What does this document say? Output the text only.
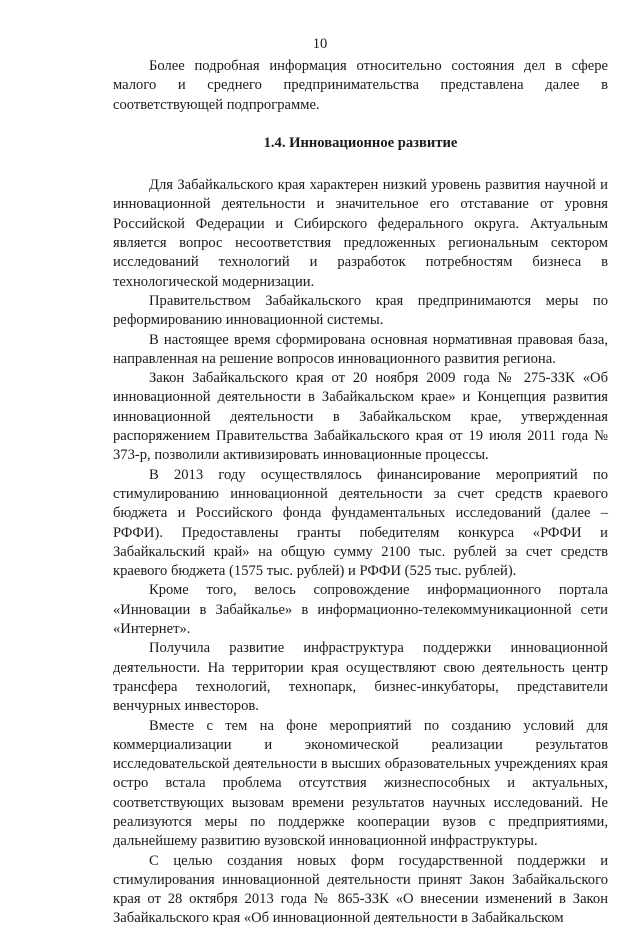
10

Более подробная информация относительно состояния дел в сфере малого и среднего предпринимательства представлена далее в соответствующей подпрограмме.

1.4. Инновационное развитие

Для Забайкальского края характерен низкий уровень развития научной и инновационной деятельности и значительное его отставание от уровня Российской Федерации и Сибирского федерального округа. Актуальным является вопрос несоответствия предложенных региональным сектором исследований технологий и разработок потребностям бизнеса в технологической модернизации.

Правительством Забайкальского края предпринимаются меры по реформированию инновационной системы.

В настоящее время сформирована основная нормативная правовая база, направленная на решение вопросов инновационного развития региона.

Закон Забайкальского края от 20 ноября 2009 года № 275-ЗЗК «Об инновационной деятельности в Забайкальском крае» и Концепция развития инновационной деятельности в Забайкальском крае, утвержденная распоряжением Правительства Забайкальского края от 19 июля 2011 года № 373-р, позволили активизировать инновационные процессы.

В 2013 году осуществлялось финансирование мероприятий по стимулированию инновационной деятельности за счет средств краевого бюджета и Российского фонда фундаментальных исследований (далее – РФФИ). Предоставлены гранты победителям конкурса «РФФИ и Забайкальский край» на общую сумму 2100 тыс. рублей за счет средств краевого бюджета (1575 тыс. рублей) и РФФИ (525 тыс. рублей).

Кроме того, велось сопровождение информационного портала «Инновации в Забайкалье» в информационно-телекоммуникационной сети «Интернет».

Получила развитие инфраструктура поддержки инновационной деятельности. На территории края осуществляют свою деятельность центр трансфера технологий, технопарк, бизнес-инкубаторы, представители венчурных инвесторов.

Вместе с тем на фоне мероприятий по созданию условий для коммерциализации и экономической реализации результатов исследовательской деятельности в высших образовательных учреждениях края остро встала проблема отсутствия жизнеспособных и актуальных, соответствующих вызовам времени результатов научных исследований. Не реализуются меры по поддержке кооперации вузов с предприятиями, дальнейшему развитию вузовской инновационной инфраструктуры.

С целью создания новых форм государственной поддержки и стимулирования инновационной деятельности принят Закон Забайкальского края от 28 октября 2013 года № 865-ЗЗК «О внесении изменений в Закон Забайкальского края «Об инновационной деятельности в Забайкальском
